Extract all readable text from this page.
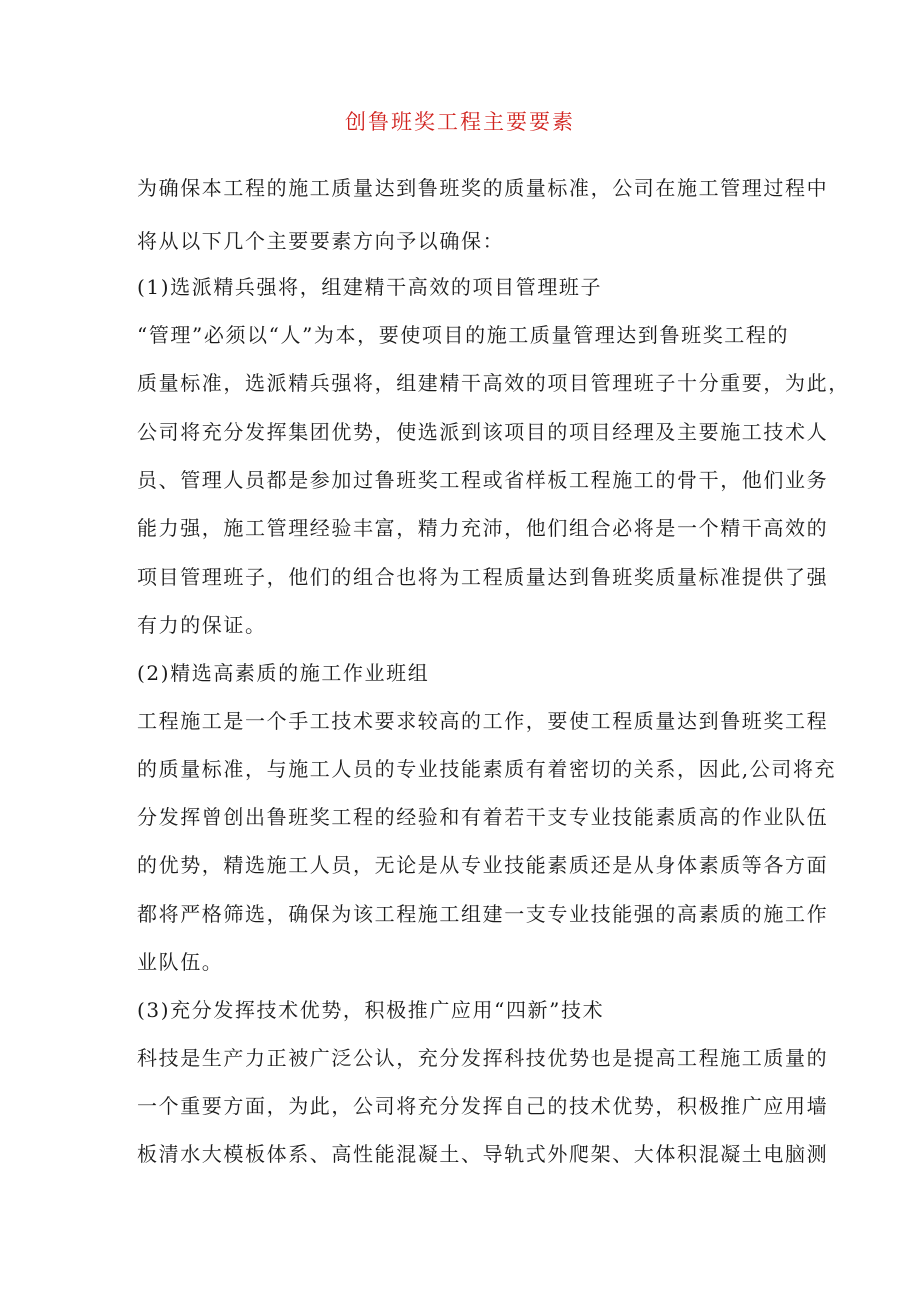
创鲁班奖工程主要要素

为确保本工程的施工质量达到鲁班奖的质量标准，公司在施工管理过程中

将从以下几个主要要素方向予以确保：

(1)选派精兵强将，组建精干高效的项目管理班子

“管理”必须以“人”为本，要使项目的施工质量管理达到鲁班奖工程的

质量标准，选派精兵强将，组建精干高效的项目管理班子十分重要，为此，

公司将充分发挥集团优势，使选派到该项目的项目经理及主要施工技术人

员、管理人员都是参加过鲁班奖工程或省样板工程施工的骨干，他们业务

能力强，施工管理经验丰富，精力充沛，他们组合必将是一个精干高效的

项目管理班子，他们的组合也将为工程质量达到鲁班奖质量标准提供了强

有力的保证。

(2)精选高素质的施工作业班组

工程施工是一个手工技术要求较高的工作，要使工程质量达到鲁班奖工程

的质量标准，与施工人员的专业技能素质有着密切的关系，因此,公司将充

分发挥曾创出鲁班奖工程的经验和有着若干支专业技能素质高的作业队伍

的优势，精选施工人员，无论是从专业技能素质还是从身体素质等各方面

都将严格筛选，确保为该工程施工组建一支专业技能强的高素质的施工作

业队伍。

(3)充分发挥技术优势，积极推广应用“四新”技术

科技是生产力正被广泛公认，充分发挥科技优势也是提高工程施工质量的

一个重要方面，为此，公司将充分发挥自己的技术优势，积极推广应用墙

板清水大模板体系、高性能混凝土、导轨式外爬架、大体积混凝土电脑测
